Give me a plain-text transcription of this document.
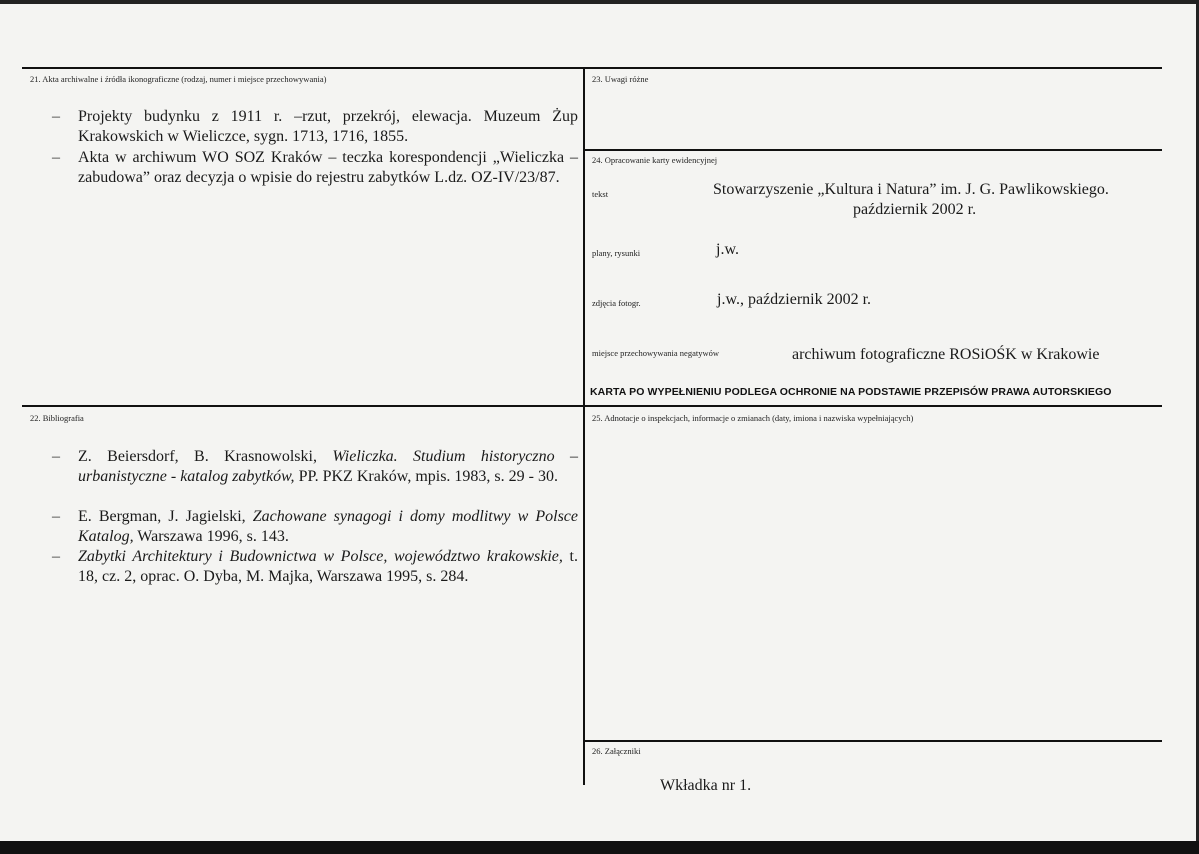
21. Akta archiwalne i źródła ikonograficzne (rodzaj, numer i miejsce przechowywania)
– Projekty budynku z 1911 r. –rzut, przekrój, elewacja. Muzeum Żup Krakowskich w Wieliczce, sygn. 1713, 1716, 1855.
– Akta w archiwum WO SOZ Kraków – teczka korespondencji „Wieliczka – zabudowa” oraz decyzja o wpisie do rejestru zabytków L.dz. OZ-IV/23/87.
22. Bibliografia
– Z. Beiersdorf, B. Krasnowolski, Wieliczka. Studium historyczno – urbanistyczne - katalog zabytków, PP. PKZ Kraków, mpis. 1983, s. 29 - 30.
– E. Bergman, J. Jagielski, Zachowane synagogi i domy modlitwy w Polsce Katalog, Warszawa 1996, s. 143.
– Zabytki Architektury i Budownictwa w Polsce, województwo krakowskie, t. 18, cz. 2, oprac. O. Dyba, M. Majka, Warszawa 1995, s. 284.
23. Uwagi różne
24. Opracowanie karty ewidencyjnej
tekst	Stowarzyszenie „Kultura i Natura” im. J. G. Pawlikowskiego.
październik 2002 r.
plany, rysunki	j.w.
zdjęcia fotogr.	j.w., październik 2002 r.
miejsce przechowywania negatywów	archiwum fotograficzne ROSiOŚK w Krakowie
KARTA PO WYPEŁNIENIU PODLEGA OCHRONIE NA PODSTAWIE PRZEPISÓW PRAWA AUTORSKIEGO
25. Adnotacje o inspekcjach, informacje o zmianach (daty, imiona i nazwiska wypełniających)
26. Załączniki
Wkładka nr 1.
